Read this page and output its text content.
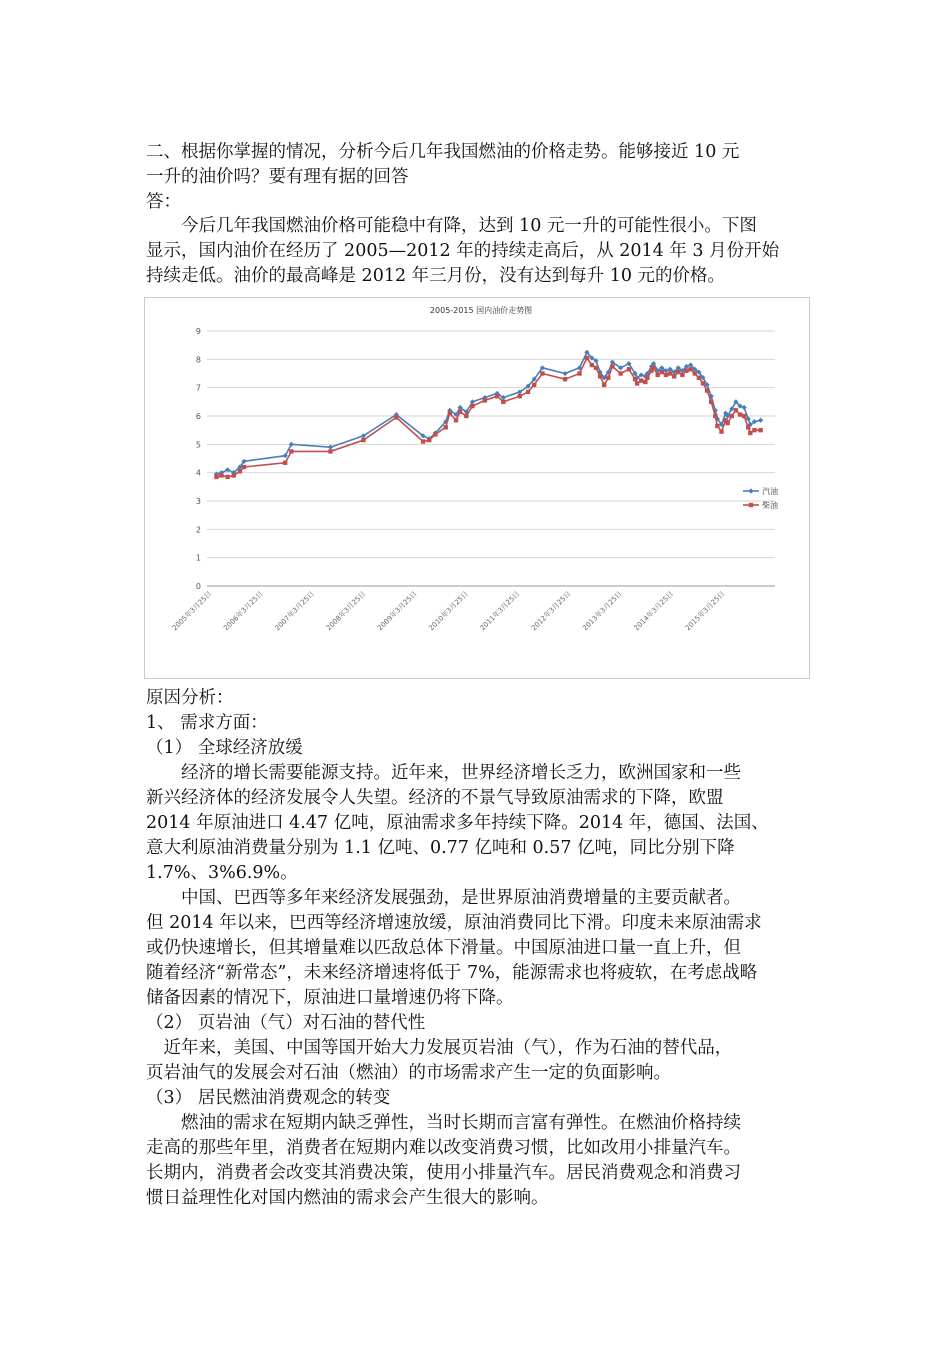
二、根据你掌握的情况，分析今后几年我国燃油的价格走势。能够接近 10 元
一升的油价吗？要有理有据的回答
答：
　　今后几年我国燃油价格可能稳中有降，达到 10 元一升的可能性很小。下图
显示，国内油价在经历了 2005—2012 年的持续走高后，从 2014 年 3 月份开始
持续走低。油价的最高峰是 2012 年三月份，没有达到每升 10 元的价格。
2005-2015 国内油价走势图
0
1
2
3
4
5
6
7
8
9
2005年3月25日 2006年3月25日 2007年3月25日 2008年3月25日 2009年3月25日 2010年3月25日 2011年3月25日 2012年3月25日 2013年3月25日 2014年3月25日 2015年3月25日
汽油
柴油
原因分析：
1、 需求方面：
（1） 全球经济放缓
　　经济的增长需要能源支持。近年来，世界经济增长乏力，欧洲国家和一些
新兴经济体的经济发展令人失望。经济的不景气导致原油需求的下降，欧盟
2014 年原油进口 4.47 亿吨，原油需求多年持续下降。2014 年，德国、法国、
意大利原油消费量分别为 1.1 亿吨、0.77 亿吨和 0.57 亿吨，同比分别下降
1.7%、3%6.9%。
　　中国、巴西等多年来经济发展强劲，是世界原油消费增量的主要贡献者。
但 2014 年以来，巴西等经济增速放缓，原油消费同比下滑。印度未来原油需求
或仍快速增长，但其增量难以匹敌总体下滑量。中国原油进口量一直上升，但
随着经济“新常态”，未来经济增速将低于 7%，能源需求也将疲软，在考虑战略
储备因素的情况下，原油进口量增速仍将下降。
（2） 页岩油（气）对石油的替代性
　近年来，美国、中国等国开始大力发展页岩油（气），作为石油的替代品，
页岩油气的发展会对石油（燃油）的市场需求产生一定的负面影响。
（3） 居民燃油消费观念的转变
　　燃油的需求在短期内缺乏弹性，当时长期而言富有弹性。在燃油价格持续
走高的那些年里，消费者在短期内难以改变消费习惯，比如改用小排量汽车。
长期内，消费者会改变其消费决策，使用小排量汽车。居民消费观念和消费习
惯日益理性化对国内燃油的需求会产生很大的影响。
